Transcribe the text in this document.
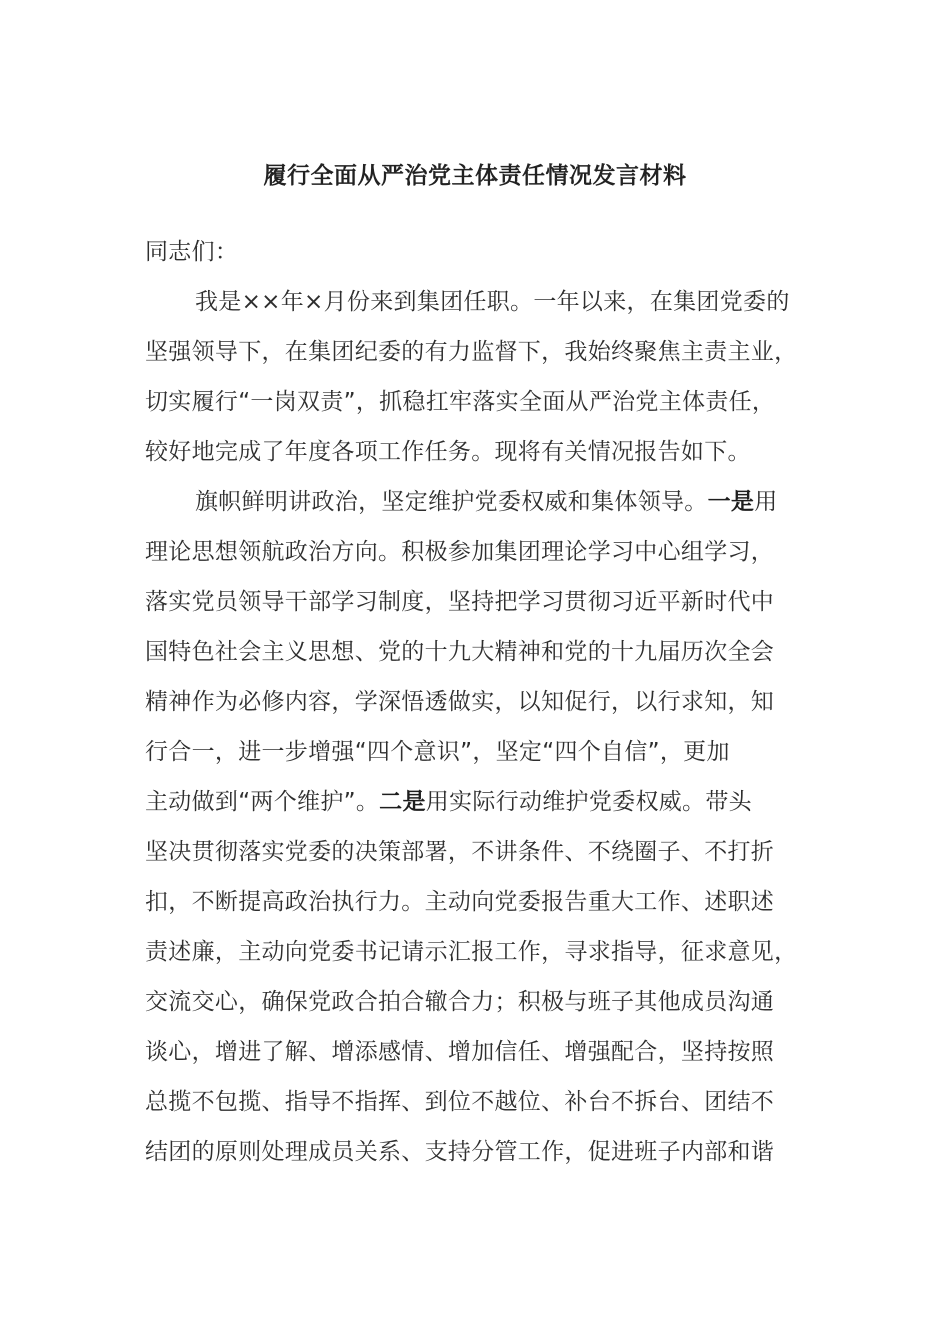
履行全面从严治党主体责任情况发言材料
同志们：
我是××年×月份来到集团任职。一年以来，在集团党委的
坚强领导下，在集团纪委的有力监督下，我始终聚焦主责主业，
切实履行“一岗双责”，抓稳扛牢落实全面从严治党主体责任，
较好地完成了年度各项工作任务。现将有关情况报告如下。
旗帜鲜明讲政治，坚定维护党委权威和集体领导。一是用
理论思想领航政治方向。积极参加集团理论学习中心组学习，
落实党员领导干部学习制度，坚持把学习贯彻习近平新时代中
国特色社会主义思想、党的十九大精神和党的十九届历次全会
精神作为必修内容，学深悟透做实，以知促行，以行求知，知
行合一，进一步增强“四个意识”，坚定“四个自信”，更加
主动做到“两个维护”。二是用实际行动维护党委权威。带头
坚决贯彻落实党委的决策部署，不讲条件、不绕圈子、不打折
扣，不断提高政治执行力。主动向党委报告重大工作、述职述
责述廉，主动向党委书记请示汇报工作，寻求指导，征求意见，
交流交心，确保党政合拍合辙合力；积极与班子其他成员沟通
谈心，增进了解、增添感情、增加信任、增强配合，坚持按照
总揽不包揽、指导不指挥、到位不越位、补台不拆台、团结不
结团的原则处理成员关系、支持分管工作，促进班子内部和谐
